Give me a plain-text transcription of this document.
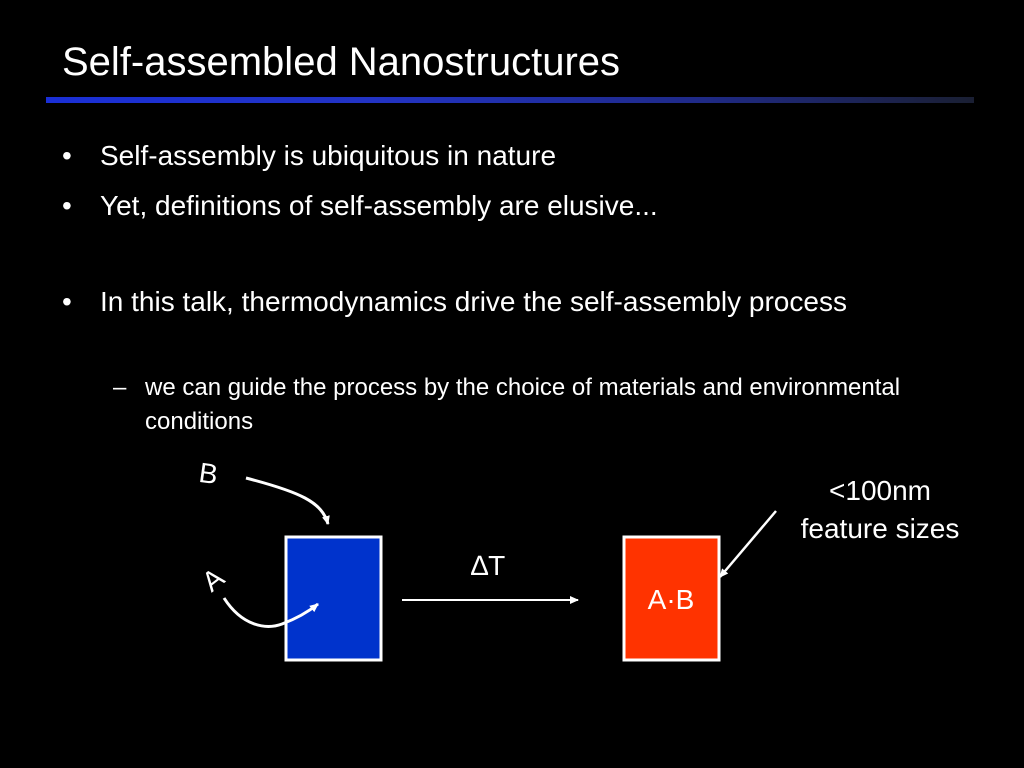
Self-assembled Nanostructures
• Self-assembly is ubiquitous in nature
• Yet, definitions of self-assembly are elusive...
• In this talk, thermodynamics drive the self-assembly process
– we can guide the process by the choice of materials and environmental conditions
B
A	∆T
A·B
<100nm
feature sizes
